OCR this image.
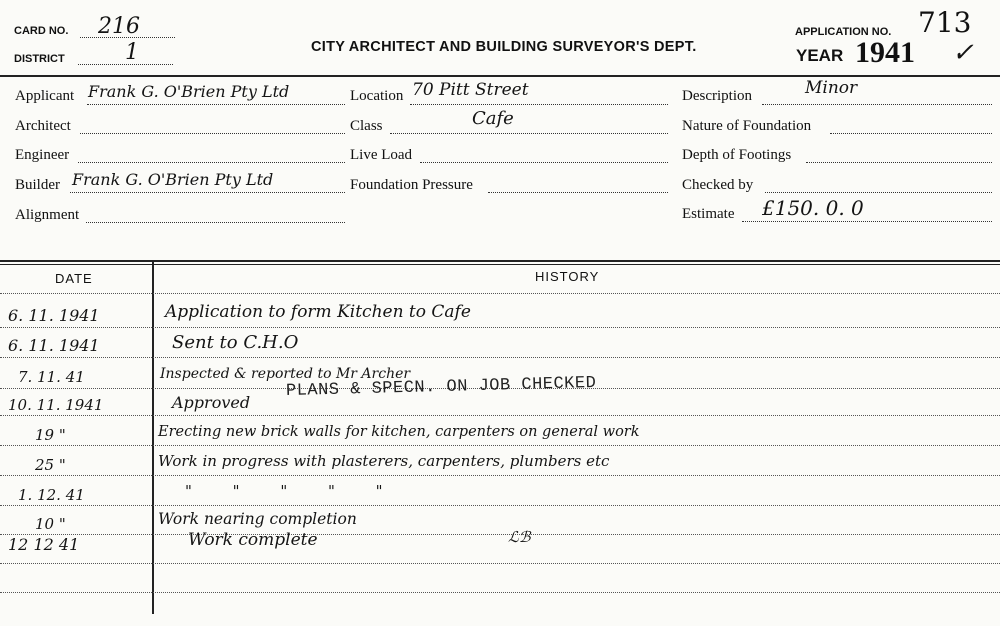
CARD NO. 216
DISTRICT	1	CITY ARCHITECT AND BUILDING SURVEYOR'S DEPT.
APPLICATION NO. 713
YEAR 1941 ✓
Applicant Frank G. O'Brien Pty Ltd
Architect
Engineer
Builder Frank G. O'Brien Pty Ltd
Alignment
Location 70 Pitt Street
Class	Cafe
Live Load
Foundation Pressure
Description	Minor
Nature of Foundation
Depth of Footings
Checked by
Estimate £150. 0. 0
DATE	HISTORY
6. 11. 1941	Application to form Kitchen to Cafe
6. 11. 1941	Sent to C.H.O
7. 11. 41	Inspected & reported to Mr Archer
10. 11. 1941	Approved
PLANS & SPECN. ON JOB CHECKED
19 "	Erecting new brick walls for kitchen, carpenters on general work
25 "	Work in progress with plasterers, carpenters, plumbers etc
1. 12. 41	" " " " "
10 "	Work nearing completion
12 12 41	Work complete	ℒℬ
